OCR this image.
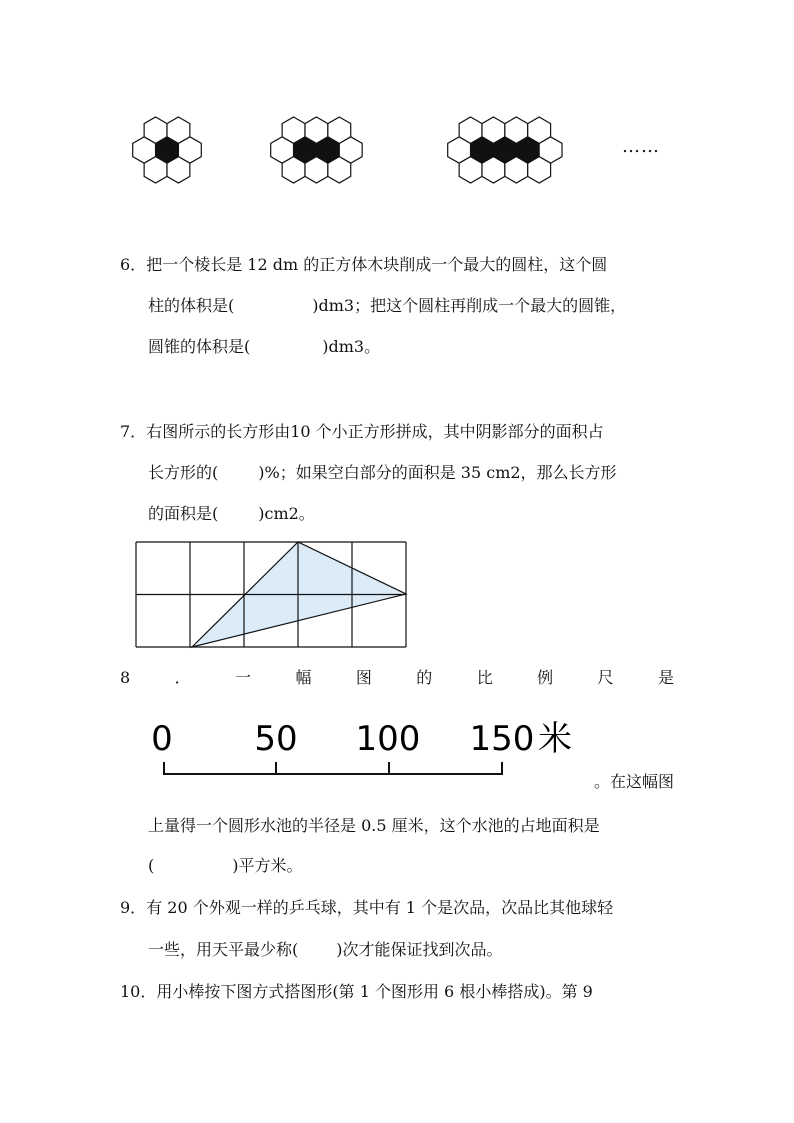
……
6．把一个棱长是 12 dm 的正方体木块削成一个最大的圆柱，这个圆
柱的体积是(	)dm3；把这个圆柱再削成一个最大的圆锥，
圆锥的体积是(	)dm3。
7．右图所示的长方形由10 个小正方形拼成，其中阴影部分的面积占
长方形的(	)%；如果空白部分的面积是 35 cm2，那么长方形
的面积是(	)cm2。
8	．	一	幅	图	的	比	例	尺	是
0 50 100 150 米
。在这幅图
上量得一个圆形水池的半径是 0.5 厘米，这个水池的占地面积是
(	)平方米。
9．有 20 个外观一样的乒乓球，其中有 1 个是次品，次品比其他球轻
一些，用天平最少称( )次才能保证找到次品。
10．用小棒按下图方式搭图形(第 1 个图形用 6 根小棒搭成)。第 9
